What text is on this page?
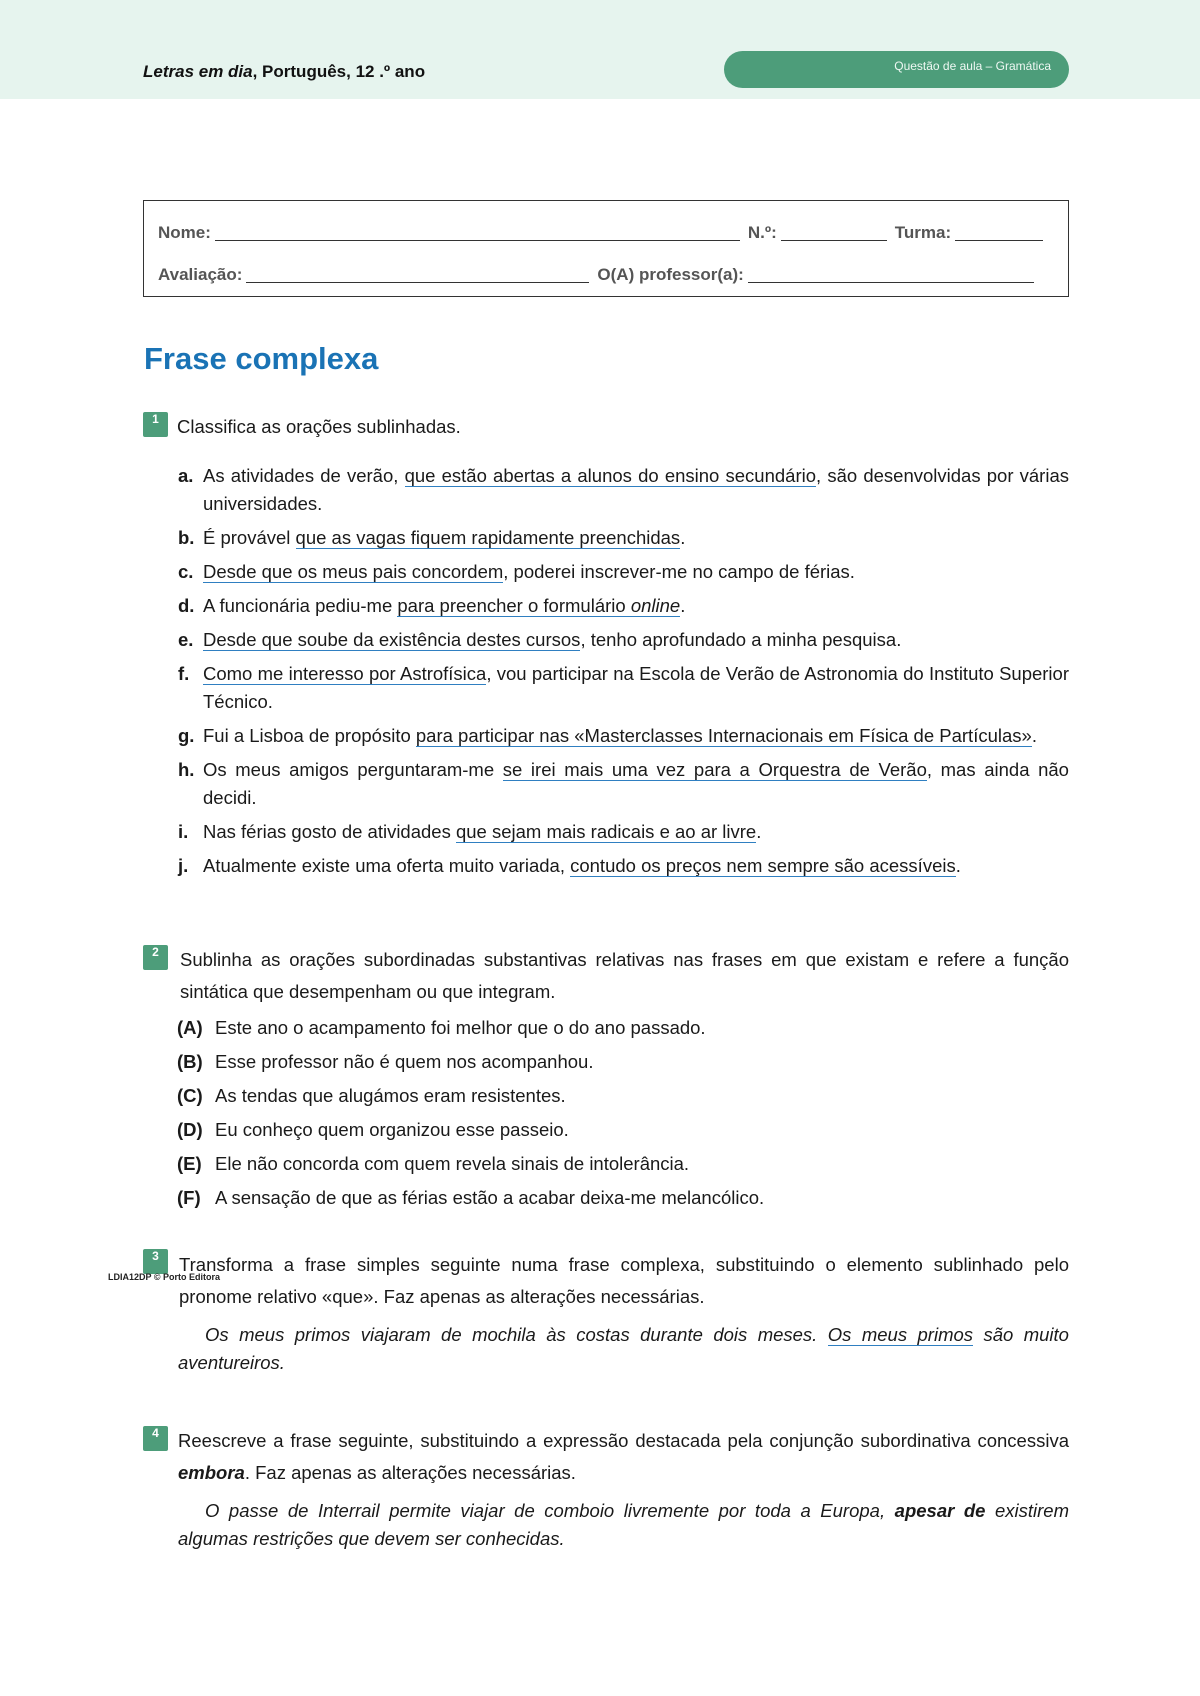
Letras em dia, Português, 12 .º ano	Questão de aula – Gramática
Nome:	N.º:	Turma:
Avaliação:	O(A) professor(a):
Frase complexa
1 Classifica as orações sublinhadas.
a. As atividades de verão, que estão abertas a alunos do ensino secundário, são desenvolvidas por várias universidades.
b. É provável que as vagas fiquem rapidamente preenchidas.
c. Desde que os meus pais concordem, poderei inscrever-me no campo de férias.
d. A funcionária pediu-me para preencher o formulário online.
e. Desde que soube da existência destes cursos, tenho aprofundado a minha pesquisa.
f. Como me interesso por Astrofísica, vou participar na Escola de Verão de Astronomia do Instituto Superior Técnico.
g. Fui a Lisboa de propósito para participar nas «Masterclasses Internacionais em Física de Partículas».
h. Os meus amigos perguntaram-me se irei mais uma vez para a Orquestra de Verão, mas ainda não decidi.
i. Nas férias gosto de atividades que sejam mais radicais e ao ar livre.
j. Atualmente existe uma oferta muito variada, contudo os preços nem sempre são acessíveis.
2	Sublinha as orações subordinadas substantivas relativas nas frases em que existam e refere a função sintática que desempenham ou que integram.
(A) Este ano o acampamento foi melhor que o do ano passado.
(B) Esse professor não é quem nos acompanhou.
(C) As tendas que alugámos eram resistentes.
(D) Eu conheço quem organizou esse passeio.
(E) Ele não concorda com quem revela sinais de intolerância.
(F) A sensação de que as férias estão a acabar deixa-me melancólico.
3	Transforma a frase simples seguinte numa frase complexa, substituindo o elemento sublinhado pelo pronome relativo «que». Faz apenas as alterações necessárias.
LDIA12DP © Porto Editora
Os meus primos viajaram de mochila às costas durante dois meses. Os meus primos são muito aventureiros.
4	Reescreve a frase seguinte, substituindo a expressão destacada pela conjunção subordinativa concessiva embora. Faz apenas as alterações necessárias.
O passe de Interrail permite viajar de comboio livremente por toda a Europa, apesar de existirem algumas restrições que devem ser conhecidas.
